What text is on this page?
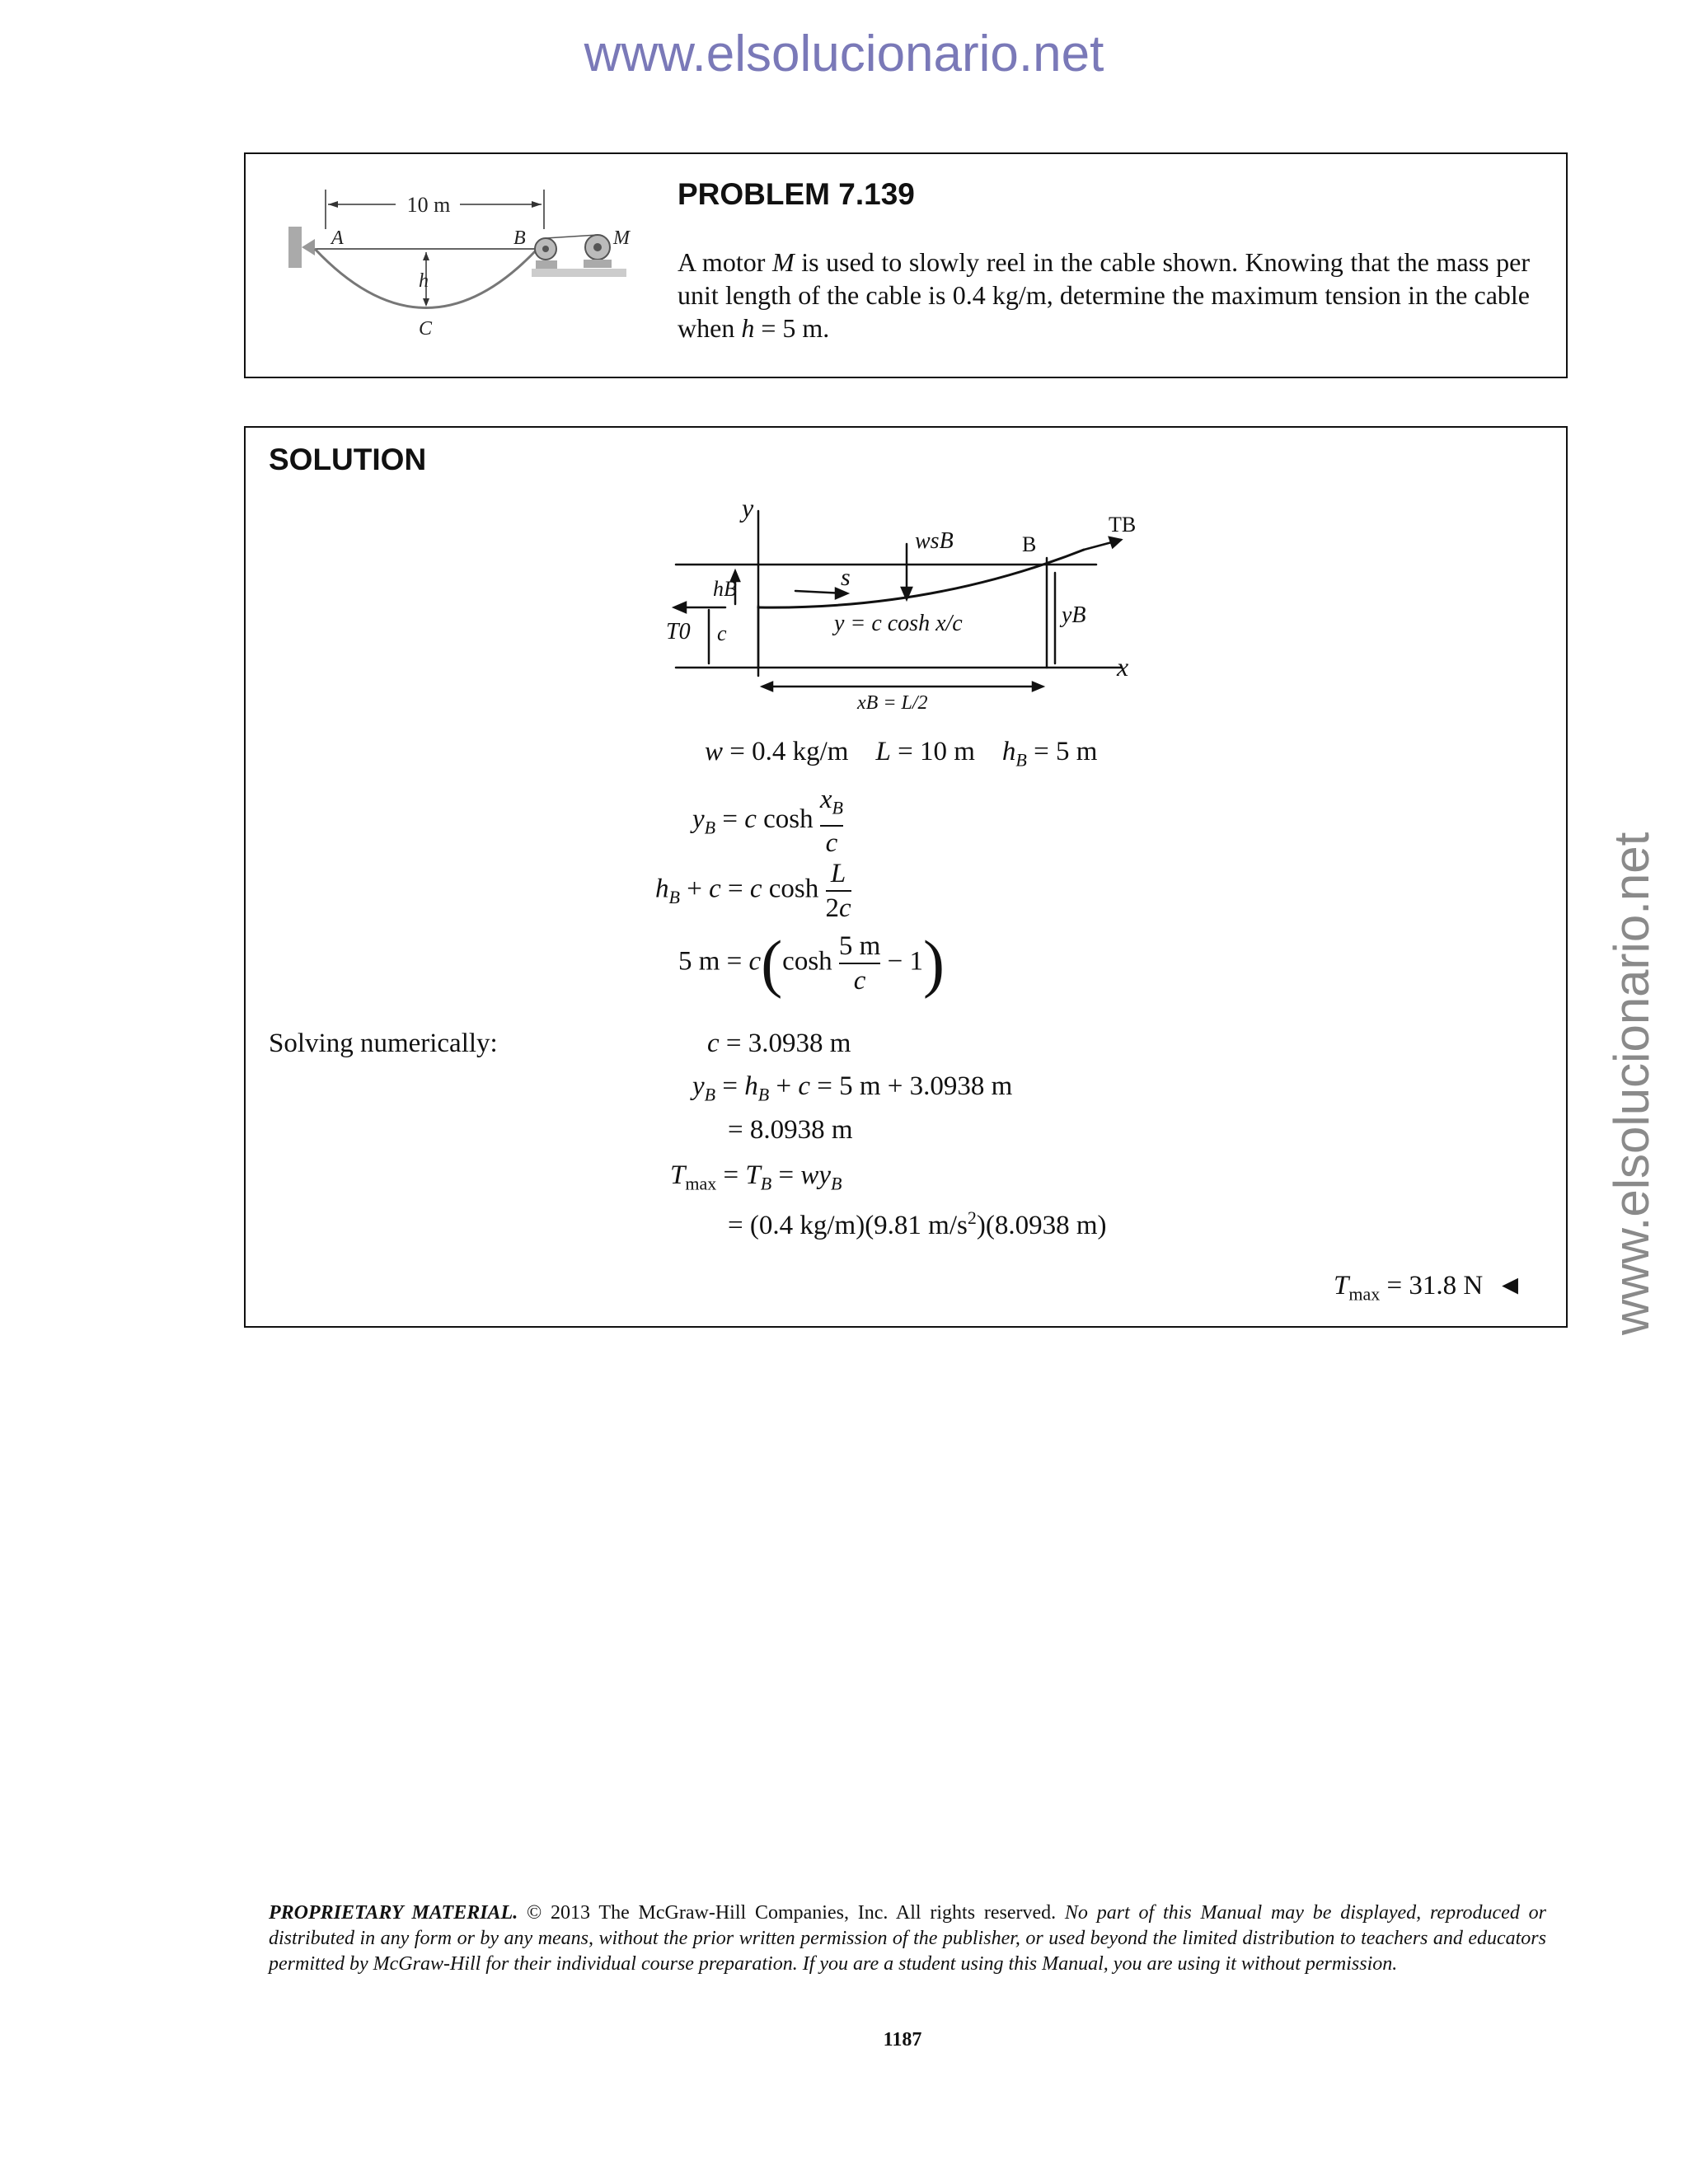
www.elsolucionario.net
www.elsolucionario.net
10 m
A	B	M
h
C
PROBLEM 7.139
A motor M is used to slowly reel in the cable shown. Knowing that the mass per unit length of the cable is 0.4 kg/m, determine the maximum tension in the cable when h = 5 m.
SOLUTION
y
x
wsB	B
TB
hB	s
y = c cosh x/c	yB
T0 c
xB = L/2
w = 0.4 kg/m L = 10 m $h_B = 5$ m
$y_B = c$ $\cosh \frac{x_B}{c}$
$h_B + c = c$ $\cosh \frac{L}{2c}$
5 $m = c(\cosh \frac{5 m}{c} - 1)$
Solving numerically:	c = 3.0938 m
$y_B = h_B + c = 5$ m + 3.0938 m
= 8.0938 m
$T_{max} = T_B = wy_B$
= (0.4 kg/m)(9.81 $m/s^2)(8.0938$ m)
$T_{max} = 31.8$ N ◄
PROPRIETARY MATERIAL. © 2013 The McGraw-Hill Companies, Inc. All rights reserved. No part of this Manual may be displayed, reproduced or distributed in any form or by any means, without the prior written permission of the publisher, or used beyond the limited distribution to teachers and educators permitted by McGraw-Hill for their individual course preparation. If you are a student using this Manual, you are using it without permission.
1187
